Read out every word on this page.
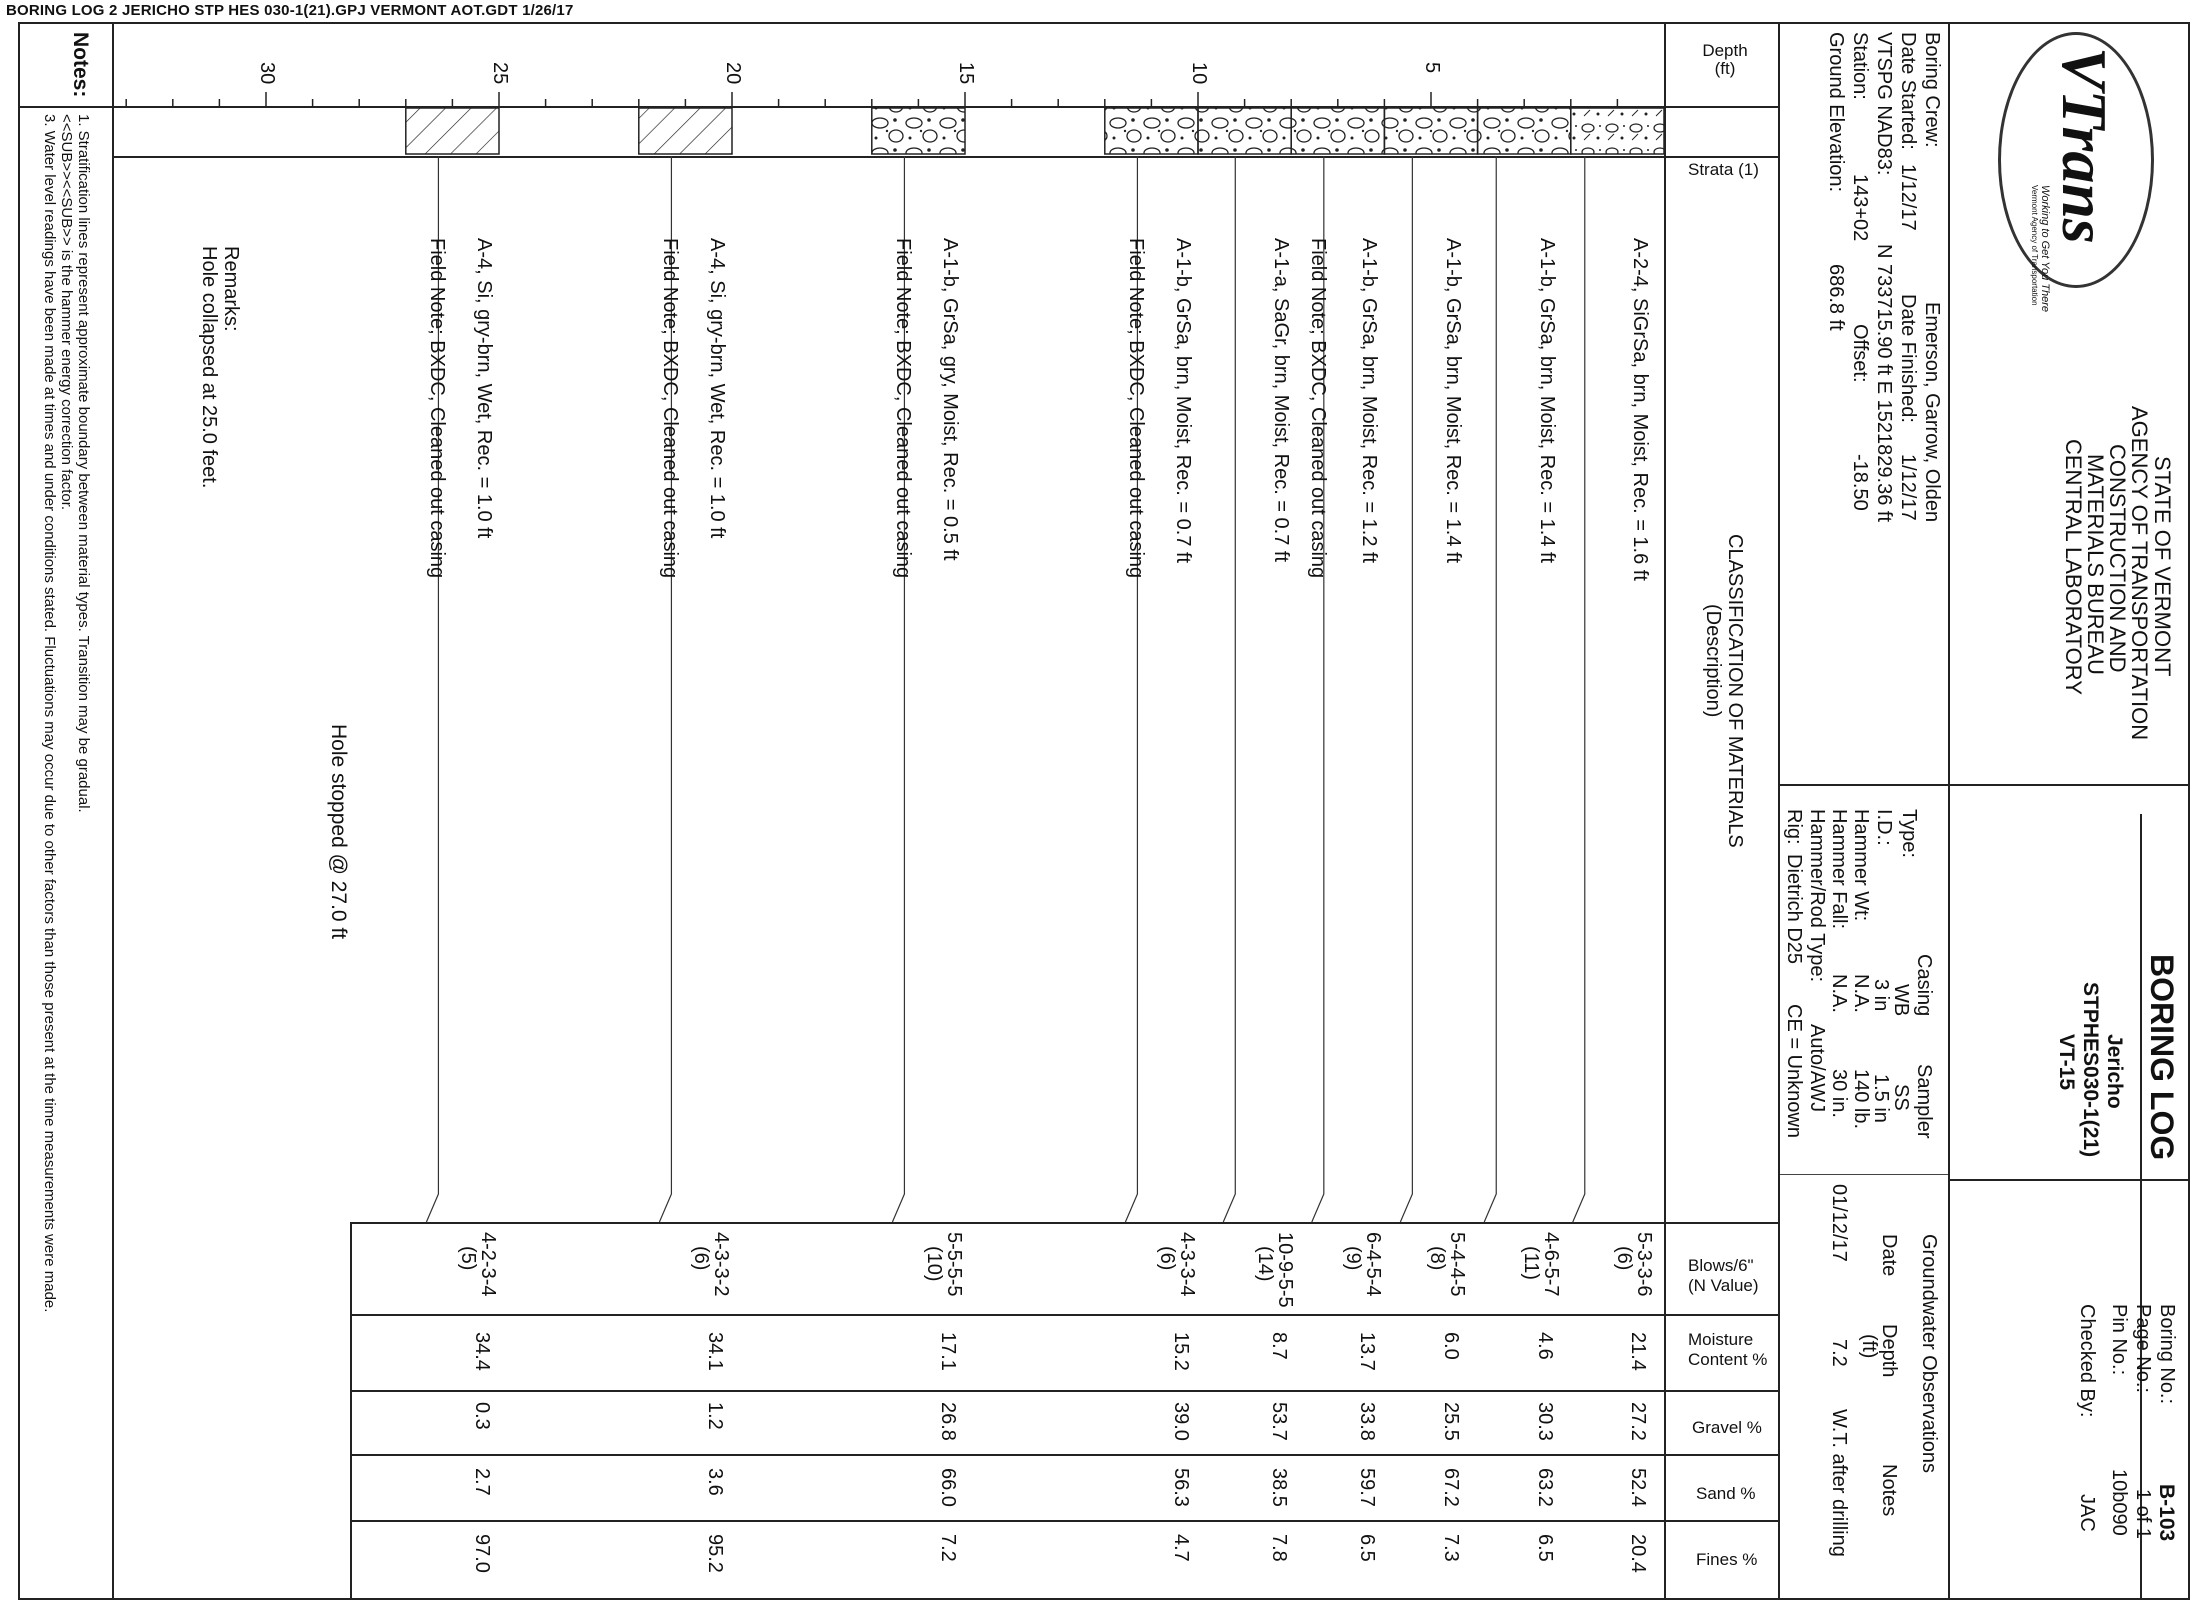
BORING LOG 2 JERICHO STP HES 030-1(21).GPJ VERMONT AOT.GDT 1/26/17
VTrans
Working to Get You There
Vermont Agency of Transportation
STATE OF VERMONT
AGENCY OF TRANSPORTATION
CONSTRUCTION AND
MATERIALS BUREAU
CENTRAL LABORATORY
BORING LOG
Jericho
STPHES030-1(21)
VT-15
Boring No.:
B-103
Page No.:
1 of 1
Pin No.:
10b090
Checked By:
JAC
Boring Crew:
Emerson, Garrow, Olden
Date Started:
1/12/17
Date Finished:
1/12/17
VTSPG NAD83:
N 733715.90 ft E 1521829.36 ft
Station:
143+02
Offset:
-18.50
Ground Elevation:
686.8 ft
Casing
Sampler
Type:
WB
SS
I.D.:
3 in
1.5 in
Hammer Wt:
N.A.
140 lb.
Hammer Fall:
N.A.
30 in.
Hammer/Rod Type:
Auto/AWJ
Rig:
Dietrich D25
CE = Unknown
Groundwater Observations
Date
Depth
(ft)
Notes
01/12/17
7.2
W.T. after drilling
Depth
(ft)
Strata (1)
CLASSIFICATION OF MATERIALS
(Description)
Blows/6"
(N Value)
Moisture
Content %
Gravel %
Sand %
Fines %
5
10
15
20
25
30
A-2-4, SiGrSa, brn, Moist, Rec. = 1.6 ft
A-1-b, GrSa, brn, Moist, Rec. = 1.4 ft
A-1-b, GrSa, brn, Moist, Rec. = 1.4 ft
A-1-b, GrSa, brn, Moist, Rec. = 1.2 ft
A-1-a, SaGr, brn, Moist, Rec. = 0.7 ft
A-1-b, GrSa, brn, Moist, Rec. = 0.7 ft
A-1-b, GrSa, gry, Moist, Rec. = 0.5 ft
A-4, Si, gry-brn, Wet, Rec. = 1.0 ft
A-4, Si, gry-brn, Wet, Rec. = 1.0 ft	Field Note; BXDC, Cleaned out casing
Field Note; BXDC, Cleaned out casing
Field Note; BXDC, Cleaned out casing
Field Note; BXDC, Cleaned out casing
Field Note; BXDC, Cleaned out casing
5-3-3-6
(6)
21.4
27.2
52.4
20.4
4-6-5-7
(11)
4.6
30.3
63.2
6.5
5-4-4-5
(8)
6.0
25.5
67.2
7.3
6-4-5-4
(9)
13.7
33.8
59.7
6.5
10-9-5-5
(14)
8.7
53.7
38.5
7.8
4-3-3-4
(6)
15.2
39.0
56.3
4.7
5-5-5-5
(10)
17.1
26.8
66.0
7.2
4-3-3-2
(6)
34.1
1.2
3.6
95.2
4-2-3-4
(5)
34.4
0.3
2.7
97.0
Remarks:
Hole collapsed at 25.0 feet.
Hole stopped @ 27.0 ft
Notes:
1. Stratification lines represent approximate boundary between material types. Transition may be gradual.
<<SUB>><<SUB>> is the hammer energy correction factor.
3. Water level readings have been made at times and under conditions stated. Fluctuations may occur due to other factors than those present at the time measurements were made.
